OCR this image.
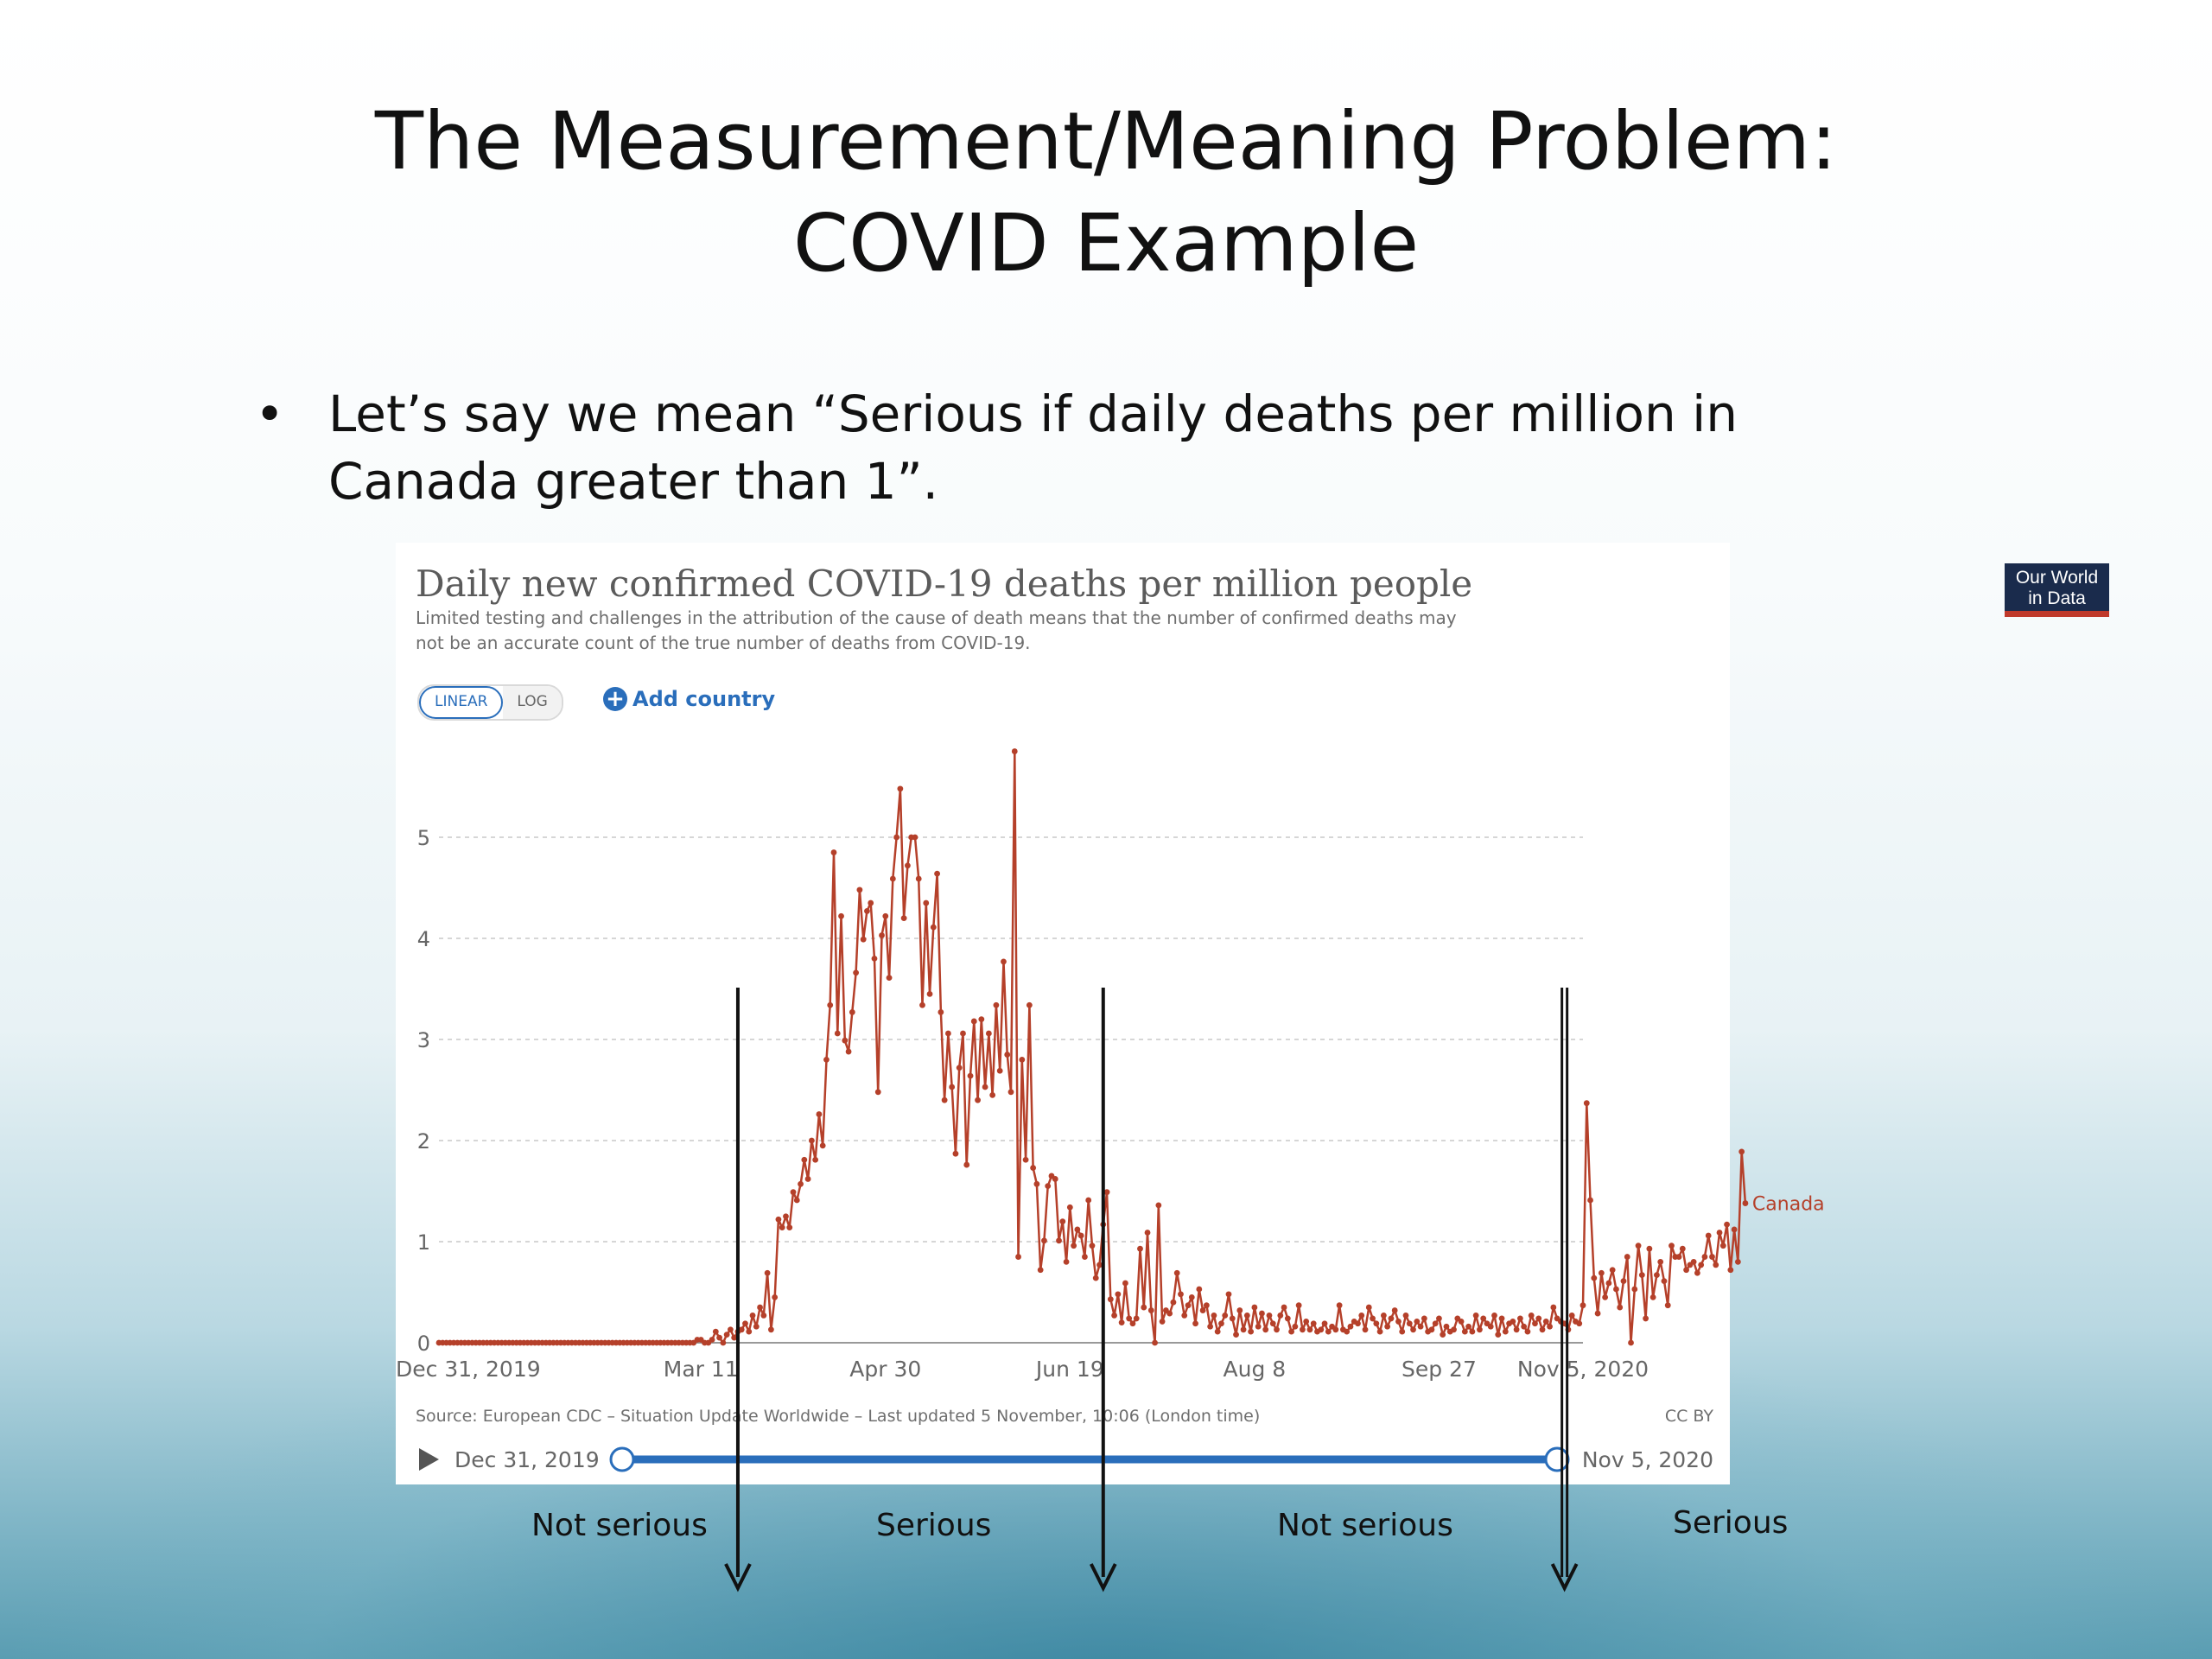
The Measurement/Meaning Problem:
COVID Example
• Let’s say we mean “Serious if daily deaths per million in
Canada greater than 1”.
Our World
in Data
LINEAR	LOG	+ Add country
Daily new confirmed COVID-19 deaths per million people
Limited testing and challenges in the attribution of the cause of death means that the number of confirmed deaths may
not be an accurate count of the true number of deaths from COVID-19.
0
1
2
3
4
5
Dec 31, 2019	Mar 11	Apr 30	Jun 19	Aug 8	Sep 27 Nov 5, 2020
Canada
Source: European CDC – Situation Update Worldwide – Last updated 5 November, 10:06 (London time)	CC BY
Dec 31, 2019	Nov 5, 2020
Not serious	Serious	Not serious	Serious
